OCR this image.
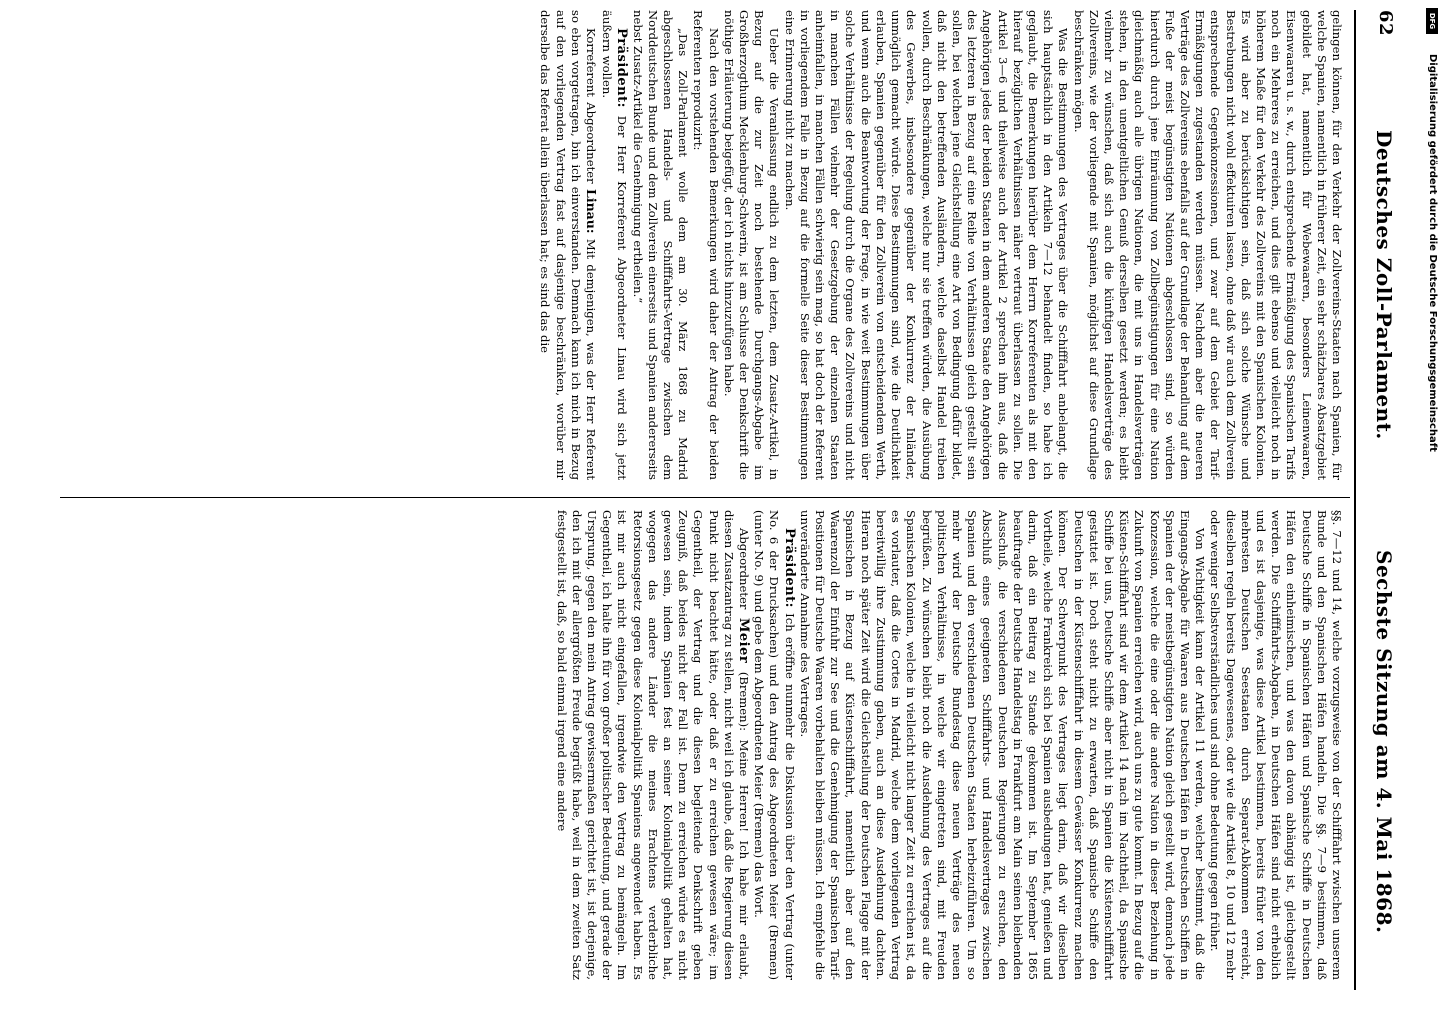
62
Deutsches Zoll-Parlament.
Sechste Sitzung am 4. Mai 1868.

gelingen können, für den Verkehr der Zollvereins-Staaten nach Spanien, für welche Spanien, namentlich in früherer Zeit, ein sehr schätzbares Absatzgebiet gebildet hat, namentlich für Webewaaren, besonders Leinenwaaren, Eisenwaaren u. s. w., durch entsprechende Ermäßigung des Spanischen Tarifs noch ein Mehreres zu erreichen, und dies gilt ebenso und vielleicht noch in höherem Maße für den Verkehr des Zollvereins mit den Spanischen Kolonien. Es wird aber zu berücksichtigen sein, daß sich solche Wünsche und Bestrebungen nicht wohl effektuiren lassen, ohne daß wir auch dem Zollverein entsprechende Gegenkonzessionen, und zwar auf dem Gebiet der Tarif-Ermäßigungen zugestanden werden müssen. Nachdem aber die neueren Verträge des Zollvereins ebenfalls auf der Grundlage der Behandlung auf dem Fuße der meist begünstigten Nationen abgeschlossen sind, so würden hierdurch durch jene Einräumung von Zollbegünstigungen für eine Nation gleichmäßig auch alle übrigen Nationen, die mit uns in Handelsverträgen stehen, in den unentgeltlichen Genuß derselben gesetzt werden; es bleibt vielmehr zu wünschen, daß sich auch die künftigen Handelsverträge des Zollvereins, wie der vorliegende mit Spanien, möglichst auf diese Grundlage beschränken mögen.

Was die Bestimmungen des Vertrages über die Schifffahrt anbelangt, die sich hauptsächlich in den Artikeln 7—12 behandelt finden, so habe ich geglaubt, die Bemerkungen hierüber dem Herrn Korreferenten als mit den hierauf bezüglichen Verhältnissen näher vertraut überlassen zu sollen. Die Artikel 3—6 und theilweise auch der Artikel 2 sprechen ihm aus, daß die Angehörigen jedes der beiden Staaten in dem anderen Staate den Angehörigen des letzteren in Bezug auf eine Reihe von Verhältnissen gleich gestellt sein sollen, bei welchen jene Gleichstellung eine Art von Bedingung dafür bildet, daß nicht den betreffenden Ausländern, welche daselbst Handel treiben wollen, durch Beschränkungen, welche nur sie treffen würden, die Ausübung des Gewerbes, insbesondere gegenüber der Konkurrenz der Inländer, unmöglich gemacht würde. Diese Bestimmungen sind, wie die Deutlichkeit erlauben, Spanien gegenüber für den Zollverein von entscheidendem Werth, und wenn auch die Beantwortung der Frage, in wie weit Bestimmungen über solche Verhältnisse der Regelung durch die Organe des Zollvereins und nicht in manchen Fällen vielmehr der Gesetzgebung der einzelnen Staaten anheimfallen, in manchen Fällen schwierig sein mag, so hat doch der Referent in vorliegendem Falle in Bezug auf die formelle Seite dieser Bestimmungen eine Erinnerung nicht zu machen.

Ueber die Veranlassung endlich zu dem letzten, dem Zusatz-Artikel, in Bezug auf die zur Zeit noch bestehende Durchgangs-Abgabe im Großherzogthum Mecklenburg-Schwerin, ist am Schlusse der Denkschrift die nöthige Erläuterung beigefügt, der ich nichts hinzuzufügen habe.

Nach den vorstehenden Bemerkungen wird daher der Antrag der beiden Referenten reproduzirt:

„Das Zoll-Parlament wolle dem am 30. März 1868 zu Madrid abgeschlossenen Handels- und Schifffahrts-Vertrage zwischen dem Norddeutschen Bunde und dem Zollverein einerseits und Spanien andererseits nebst Zusatz-Artikel die Genehmigung ertheilen.“

Präsident: Der Herr Korreferent Abgeordneter Linau wird sich jetzt äußern wollen.

Korreferent Abgeordneter Linau: Mit demjenigen, was der Herr Referent so eben vorgetragen, bin ich einverstanden. Demnach kann ich mich in Bezug auf den vorliegenden Vertrag fast auf dasjenige beschränken, worüber mir derselbe das Referat allein überlassen hat; es sind das die

§§. 7—12 und 14, welche vorzugsweise von der Schifffahrt zwischen unserem Bunde und den Spanischen Häfen handeln. Die §§. 7—9 bestimmen, daß Deutsche Schiffe in Spanischen Häfen und Spanische Schiffe in Deutschen Häfen den einheimischen, und was den davon abhängig ist, gleichgestellt werden. Die Schifffahrts-Abgaben, in Deutschen Häfen sind nicht erheblich und es ist dasjenige, was diese Artikel bestimmen, bereits früher von den mehresten Deutschen Seestaaten durch Separat-Abkommen erreicht, dieselben regeln bereits Dagewesenes, oder wie die Artikel 8, 10 und 12 mehr oder weniger Selbstverständliches und sind ohne Bedeutung gegen früher.

Von Wichtigkeit kann der Artikel 11 werden, welcher bestimmt, daß die Eingangs-Abgabe für Waaren aus Deutschen Häfen in Deutschen Schiffen in Spanien der der meistbegünstigten Nation gleich gestellt wird, demnach jede Konzession, welche die eine oder die andere Nation in dieser Beziehung in Zukunft von Spanien erreichen wird, auch uns zu gute kommt. In Bezug auf die Küsten-Schifffahrt sind wir dem Artikel 14 nach im Nachtheil, da Spanische Schiffe bei uns, Deutsche Schiffe aber nicht in Spanien die Küstenschifffahrt gestattet ist. Doch steht nicht zu erwarten, daß Spanische Schiffe den Deutschen in der Küstenschifffahrt in diesem Gewässer Konkurrenz machen können. Der Schwerpunkt des Vertrages liegt darin, daß wir dieselben Vortheile, welche Frankreich sich bei Spanien ausbedungen hat, genießen und darin, daß ein Beitrag zu Stande gekommen ist. Im September 1865 beauftragte der Deutsche Handelstag in Frankfurt am Main seinen bleibenden Ausschuß, die verschiedenen Deutschen Regierungen zu ersuchen, den Abschluß eines geeigneten Schifffahrts- und Handelsvertrages zwischen Spanien und den verschiedenen Deutschen Staaten herbeizuführen. Um so mehr wird der Deutsche Bundestag diese neuen Verträge des neuen politischen Verhältnisse, in welche wir eingetreten sind, mit Freuden begrüßen. Zu wünschen bleibt noch die Ausdehnung des Vertrages auf die Spanischen Kolonien, welche in vielleicht nicht langer Zeit zu erreichen ist, da es vorlauter, daß die Cortes in Madrid, welche dem vorliegenden Vertrag bereitwillig ihre Zustimmung gaben, auch an diese Ausdehnung dachten. Hieran noch später Zeit wird die Gleichstellung der Deutschen Flagge mit der Spanischen in Bezug auf Küstenschifffahrt, namentlich aber auf den Waarenzoll der Einfuhr zur See und die Genehmigung der Spanischen Tarif-Positionen für Deutsche Waaren vorbehalten bleiben müssen. Ich empfehle die unveränderte Annahme des Vertrages.

Präsident: Ich eröffne nunmehr die Diskussion über den Vertrag (unter No. 6 der Drucksachen) und den Antrag des Abgeordneten Meier (Bremen) (unter No. 9) und gebe dem Abgeordneten Meier (Bremen) das Wort.

Abgeordneter Meier (Bremen): Meine Herren! Ich habe mir erlaubt, diesen Zusatzantrag zu stellen, nicht weil ich glaube, daß die Regierung diesen Punkt nicht beachtet hätte, oder daß er zu erreichen gewesen wäre; im Gegentheil, der Vertrag und die diesen begleitende Denkschrift geben Zeugniß, daß beides nicht der Fall ist. Denn zu erreichen würde es nicht gewesen sein, indem Spanien fest an seiner Kolonialpolitik gehalten hat, wogegen das andere Länder die meines Erachtens verderbliche Retorsionsgesetz gegen diese Kolonialpolitik Spaniens angewendet haben. Es ist mir auch nicht eingefallen, irgendwie den Vertrag zu bemängeln. Im Gegentheil, ich halte ihn für von großer politischer Bedeutung, und gerade der Ursprung, gegen den mein Antrag gewissermaßen gerichtet ist, ist derjenige, den ich mit der allergrößten Freude begrüßt habe, weil in dem zweiten Satz festgestellt ist, daß, so bald einmal irgend eine andere

DFG
Digitalisierung gefördert durch die Deutsche Forschungsgemeinschaft
